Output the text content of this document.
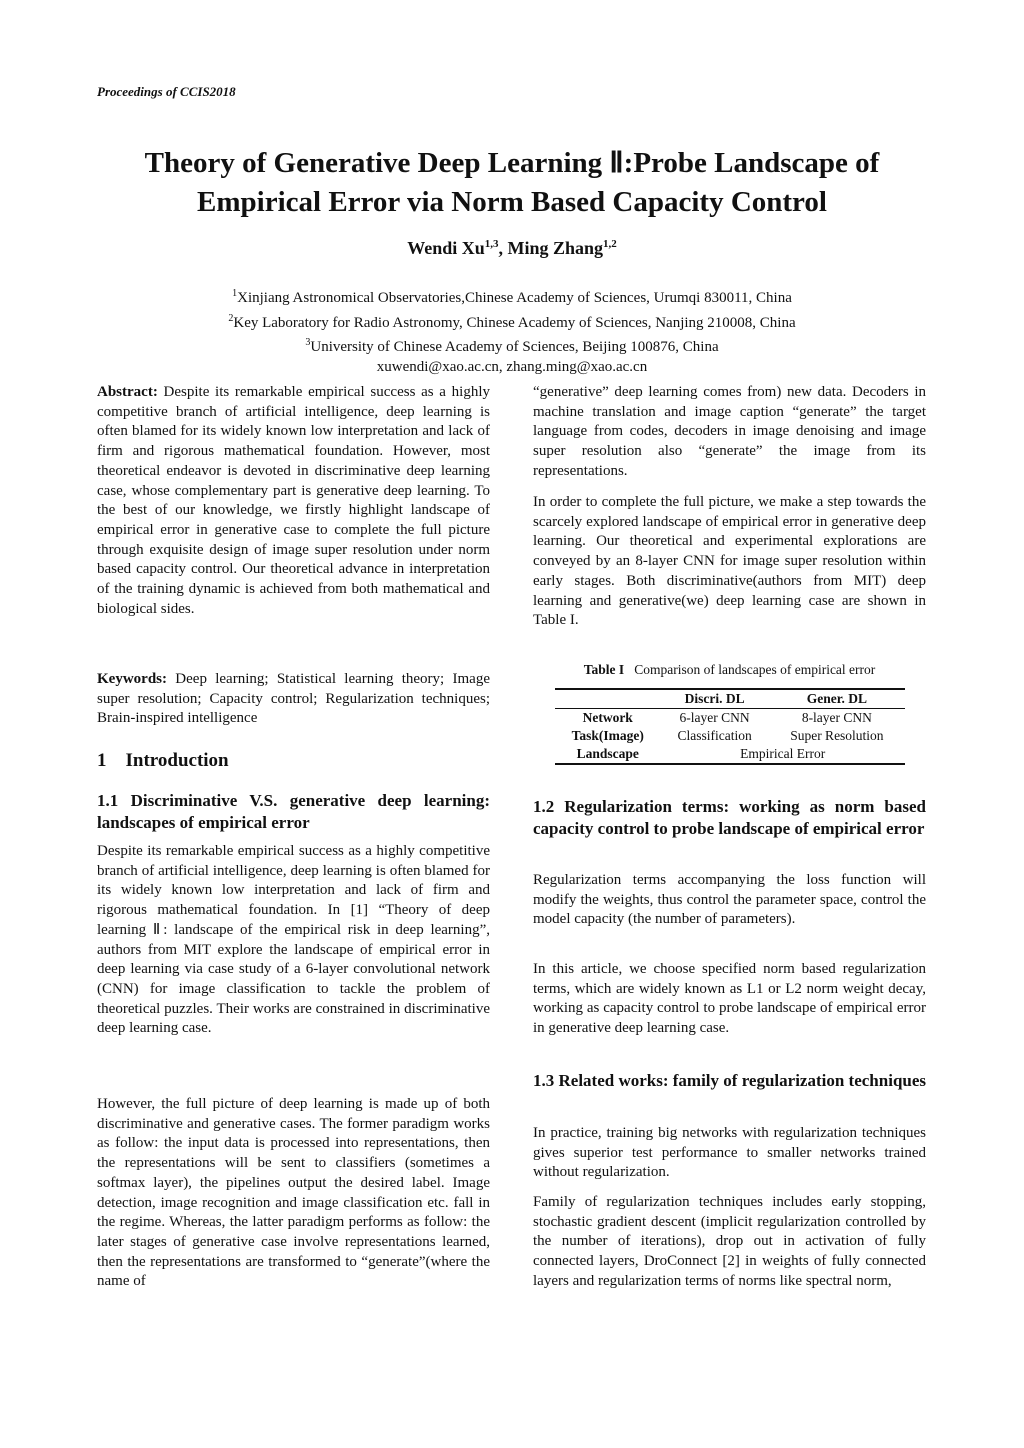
Proceedings of CCIS2018
Theory of Generative Deep Learning Ⅱ:Probe Landscape of
Empirical Error via Norm Based Capacity Control
Wendi Xu$^{1,3}$, Ming Zhang$^{1,2}$
$^1$Xinjiang Astronomical Observatories,Chinese Academy of Sciences, Urumqi 830011, China
$^2$Key Laboratory for Radio Astronomy, Chinese Academy of Sciences, Nanjing 210008, China
$^3$University of Chinese Academy of Sciences, Beijing 100876, China
xuwendi@xao.ac.cn, zhang.ming@xao.ac.cn

Abstract: Despite its remarkable empirical success as a highly competitive branch of artificial intelligence, deep learning is often blamed for its widely known low interpretation and lack of firm and rigorous mathematical foundation. However, most theoretical endeavor is devoted in discriminative deep learning case, whose complementary part is generative deep learning. To the best of our knowledge, we firstly highlight landscape of empirical error in generative case to complete the full picture through exquisite design of image super resolution under norm based capacity control. Our theoretical advance in interpretation of the training dynamic is achieved from both mathematical and biological sides.

Keywords: Deep learning; Statistical learning theory; Image super resolution; Capacity control; Regularization techniques; Brain-inspired intelligence

1    Introduction
1.1 Discriminative V.S. generative deep learning: landscapes of empirical error
Despite its remarkable empirical success as a highly competitive branch of artificial intelligence, deep learning is often blamed for its widely known low interpretation and lack of firm and rigorous mathematical foundation. In [1] “Theory of deep learning Ⅱ: landscape of the empirical risk in deep learning”, authors from MIT explore the landscape of empirical error in deep learning via case study of a 6-layer convolutional network (CNN) for image classification to tackle the problem of theoretical puzzles. Their works are constrained in discriminative deep learning case.
However, the full picture of deep learning is made up of both discriminative and generative cases. The former paradigm works as follow: the input data is processed into representations, then the representations will be sent to classifiers (sometimes a softmax layer), the pipelines output the desired label. Image detection, image recognition and image classification etc. fall in the regime. Whereas, the latter paradigm performs as follow: the later stages of generative case involve representations learned, then the representations are transformed to “generate”(where the name of
“generative” deep learning comes from) new data. Decoders in machine translation and image caption “generate” the target language from codes, decoders in image denoising and image super resolution also “generate” the image from its representations.
In order to complete the full picture, we make a step towards the scarcely explored landscape of empirical error in generative deep learning. Our theoretical and experimental explorations are conveyed by an 8-layer CNN for image super resolution within early stages. Both discriminative(authors from MIT) deep learning and generative(we) deep learning case are shown in Table I.
Table I Comparison of landscapes of empirical error
	Discri. DL	Gener. DL
Network	6-layer CNN	8-layer CNN
Task(Image)	Classification	Super Resolution
Landscape	Empirical Error	
1.2 Regularization terms: working as norm based capacity control to probe landscape of empirical error
Regularization terms accompanying the loss function will modify the weights, thus control the parameter space, control the model capacity (the number of parameters).
In this article, we choose specified norm based regularization terms, which are widely known as L1 or L2 norm weight decay, working as capacity control to probe landscape of empirical error in generative deep learning case.
1.3 Related works: family of regularization techniques
In practice, training big networks with regularization techniques gives superior test performance to smaller networks trained without regularization.
Family of regularization techniques includes early stopping, stochastic gradient descent (implicit regularization controlled by the number of iterations), drop out in activation of fully connected layers, DroConnect [2] in weights of fully connected layers and regularization terms of norms like spectral norm,
